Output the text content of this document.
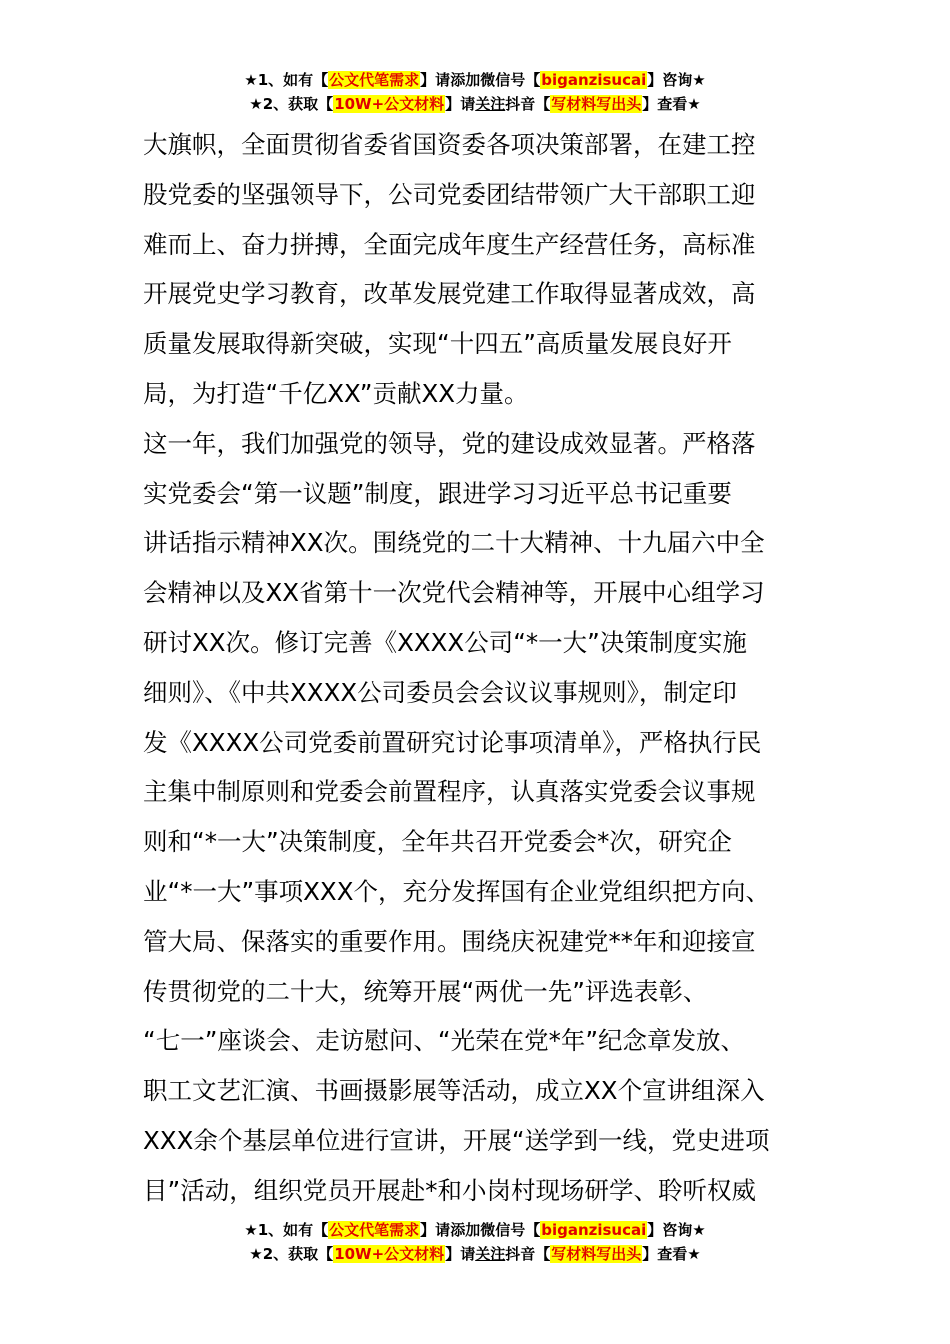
★1、如有【公文代笔需求】请添加微信号【biganzisucai】咨询★
★2、获取【10W+公文材料】请关注抖音【写材料写出头】查看★
大旗帜，全面贯彻省委省国资委各项决策部署，在建工控
股党委的坚强领导下，公司党委团结带领广大干部职工迎
难而上、奋力拼搏，全面完成年度生产经营任务，高标准
开展党史学习教育，改革发展党建工作取得显著成效，高
质量发展取得新突破，实现“十四五”高质量发展良好开
局，为打造“千亿XX”贡献XX力量。
这一年，我们加强党的领导，党的建设成效显著。严格落
实党委会“第一议题”制度，跟进学习习近平总书记重要
讲话指示精神XX次。围绕党的二十大精神、十九届六中全
会精神以及XX省第十一次党代会精神等，开展中心组学习
研讨XX次。修订完善《XXXX公司“*一大”决策制度实施
细则》、《中共XXXX公司委员会会议议事规则》，制定印
发《XXXX公司党委前置研究讨论事项清单》，严格执行民
主集中制原则和党委会前置程序，认真落实党委会议事规
则和“*一大”决策制度，全年共召开党委会*次，研究企
业“*一大”事项XXX个，充分发挥国有企业党组织把方向、
管大局、保落实的重要作用。围绕庆祝建党**年和迎接宣
传贯彻党的二十大，统筹开展“两优一先”评选表彰、
“七一”座谈会、走访慰问、“光荣在党*年”纪念章发放、
职工文艺汇演、书画摄影展等活动，成立XX个宣讲组深入
XXX余个基层单位进行宣讲，开展“送学到一线，党史进项
目”活动，组织党员开展赴*和小岗村现场研学、聆听权威
★1、如有【公文代笔需求】请添加微信号【biganzisucai】咨询★
★2、获取【10W+公文材料】请关注抖音【写材料写出头】查看★
